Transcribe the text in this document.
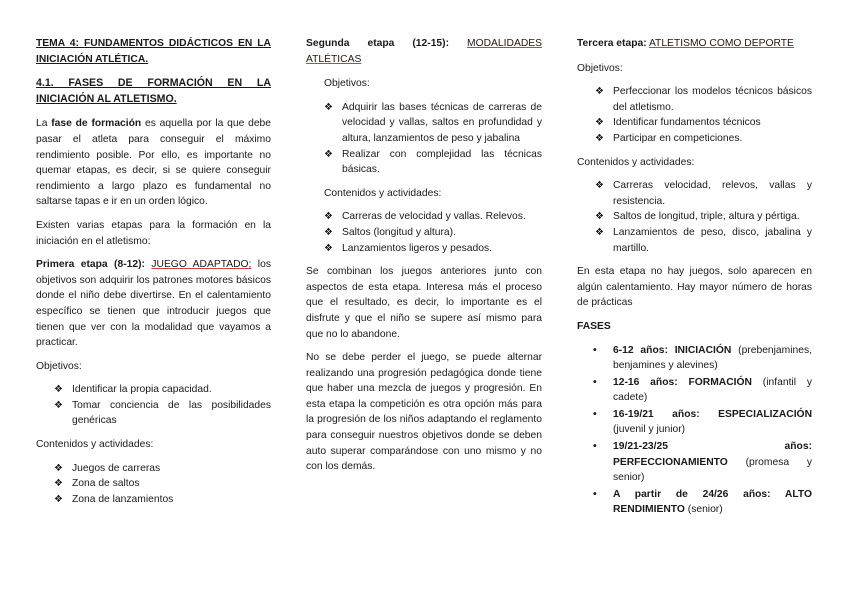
TEMA 4: FUNDAMENTOS DIDÁCTICOS EN LA INICIACIÓN ATLÉTICA.

4.1. FASES DE FORMACIÓN EN LA INICIACIÓN AL ATLETISMO.

La fase de formación es aquella por la que debe pasar el atleta para conseguir el máximo rendimiento posible. Por ello, es importante no quemar etapas, es decir, si se quiere conseguir rendimiento a largo plazo es fundamental no saltarse tapas e ir en un orden lógico.

Existen varias etapas para la formación en la iniciación en el atletismo:

Primera etapa (8-12): JUEGO ADAPTADO; los objetivos son adquirir los patrones motores básicos donde el niño debe divertirse. En el calentamiento específico se tienen que introducir juegos que tienen que ver con la modalidad que vayamos a practicar.

Objetivos:

❖ Identificar la propia capacidad.
❖ Tomar conciencia de las posibilidades genéricas

Contenidos y actividades:

❖ Juegos de carreras
❖ Zona de saltos
❖ Zona de lanzamientos

Segunda etapa (12-15): MODALIDADES ATLÉTICAS

Objetivos:

❖ Adquirir las bases técnicas de carreras de velocidad y vallas, saltos en profundidad y altura, lanzamientos de peso y jabalina
❖ Realizar con complejidad las técnicas básicas.

Contenidos y actividades:

❖ Carreras de velocidad y vallas. Relevos.
❖ Saltos (longitud y altura).
❖ Lanzamientos ligeros y pesados.

Se combinan los juegos anteriores junto con aspectos de esta etapa. Interesa más el proceso que el resultado, es decir, lo importante es el disfrute y que el niño se supere así mismo para que no lo abandone.

No se debe perder el juego, se puede alternar realizando una progresión pedagógica donde tiene que haber una mezcla de juegos y progresión. En esta etapa la competición es otra opción más para la progresión de los niños adaptando el reglamento para conseguir nuestros objetivos donde se deben auto superar comparándose con uno mismo y no con los demás.

Tercera etapa: ATLETISMO COMO DEPORTE

Objetivos:

❖ Perfeccionar los modelos técnicos básicos del atletismo.
❖ Identificar fundamentos técnicos
❖ Participar en competiciones.

Contenidos y actividades:

❖ Carreras velocidad, relevos, vallas y resistencia.
❖ Saltos de longitud, triple, altura y pértiga.
❖ Lanzamientos de peso, disco, jabalina y martillo.

En esta etapa no hay juegos, solo aparecen en algún calentamiento. Hay mayor número de horas de prácticas

FASES

• 6-12 años: INICIACIÓN (prebenjamines, benjamines y alevines)
• 12-16 años: FORMACIÓN (infantil y cadete)
• 16-19/21 años: ESPECIALIZACIÓN (juvenil y junior)
• 19/21-23/25 años: PERFECCIONAMIENTO (promesa y senior)
• A partir de 24/26 años: ALTO RENDIMIENTO (senior)
